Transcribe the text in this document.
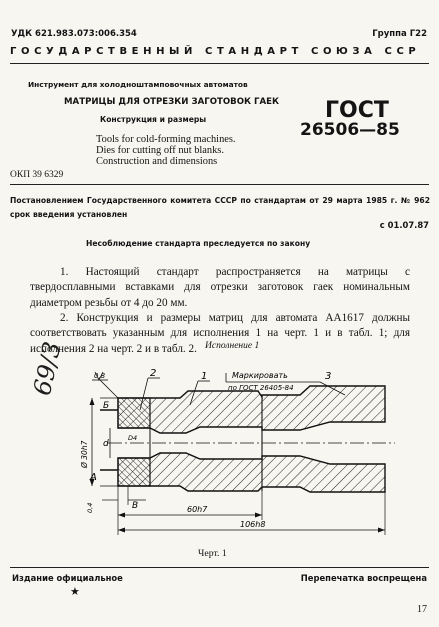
УДК 621.983.073:006.354	Группа Г22
ГОСУДАРСТВЕННЫЙ СТАНДАРТ СОЮЗА ССР
Инструмент для холодноштамповочных автоматов
МАТРИЦЫ ДЛЯ ОТРЕЗКИ ЗАГОТОВОК ГАЕК
Конструкция и размеры
Tools for cold-forming machines.
Dies for cutting off nut blanks.
Construction and dimensions
ГОСТ
26506—85
ОКП 39 6329
Постановлением Государственного комитета СССР по стандартам от 29 марта 1985 г. № 962 срок введения установлен
с 01.07.87
Несоблюдение стандарта преследуется по закону
1. Настоящий стандарт распространяется на матрицы с твердосплавными вставками для отрезки заготовок гаек номинальным диаметром резьбы от 4 до 20 мм.
2. Конструкция и размеры матриц для автомата АА1617 должны соответствовать указанным для исполнения 1 на черт. 1 и в табл. 1; для исполнения 2 на черт. 2 и в табл. 2. Исполнение 1
0,8	2	1	3
Маркировать
по ГОСТ 26405-84
Б
А
d
D4
Ø 30h7
0,4	В	60h7
106h8
Черт. 1
69/3
Издание официальное
★
Перепечатка воспрещена
17
